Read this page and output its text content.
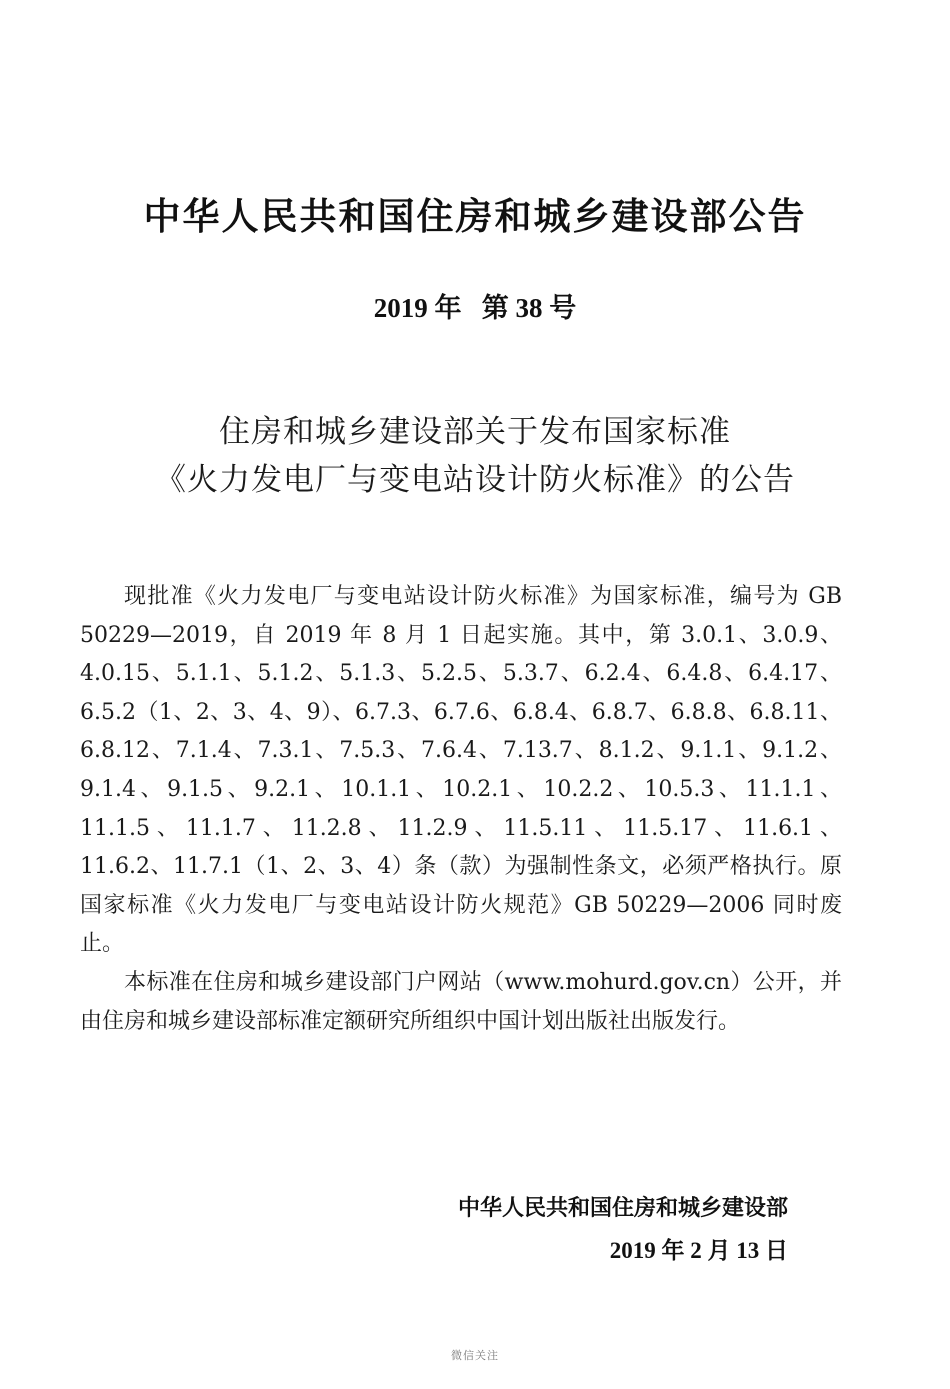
中华人民共和国住房和城乡建设部公告
2019 年   第 38 号
住房和城乡建设部关于发布国家标准
《火力发电厂与变电站设计防火标准》的公告

现批准《火力发电厂与变电站设计防火标准》为国家标准，编号为 GB 50229—2019，自 2019 年 8 月 1 日起实施。其中，第 3.0.1、3.0.9、4.0.15、5.1.1、5.1.2、5.1.3、5.2.5、5.3.7、6.2.4、6.4.8、6.4.17、6.5.2（1、2、3、4、9）、6.7.3、6.7.6、6.8.4、6.8.7、6.8.8、6.8.11、6.8.12、7.1.4、7.3.1、7.5.3、7.6.4、7.13.7、8.1.2、9.1.1、9.1.2、9.1.4、9.1.5、9.2.1、10.1.1、10.2.1、10.2.2、10.5.3、11.1.1、11.1.5、11.1.7、11.2.8、11.2.9、11.5.11、11.5.17、11.6.1、11.6.2、11.7.1（1、2、3、4）条（款）为强制性条文，必须严格执行。原国家标准《火力发电厂与变电站设计防火规范》GB 50229—2006 同时废止。

本标准在住房和城乡建设部门户网站（www.mohurd.gov.cn）公开，并由住房和城乡建设部标准定额研究所组织中国计划出版社出版发行。

中华人民共和国住房和城乡建设部
2019 年 2 月 13 日
微信关注
